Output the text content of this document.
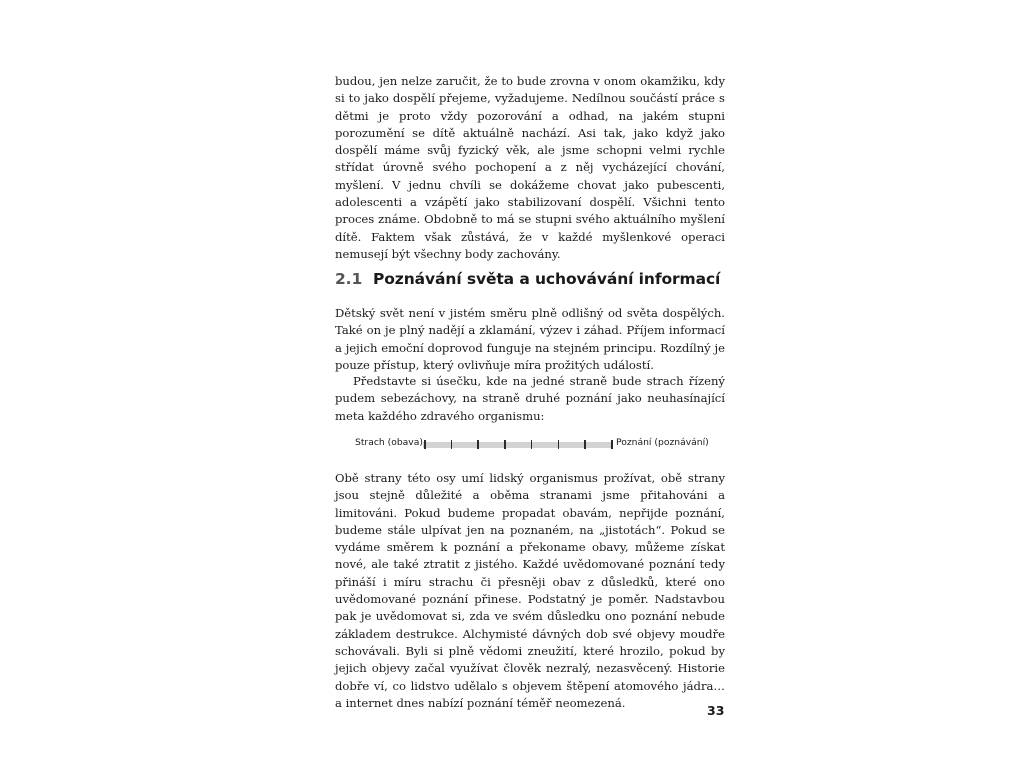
budou, jen nelze zaručit, že to bude zrovna v onom okamžiku, kdy si to jako dospělí přejeme, vyžadujeme. Nedílnou součástí práce s dětmi je proto vždy pozorování a odhad, na jakém stupni porozumění se dítě aktuálně nachází. Asi tak, jako když jako dospělí máme svůj fyzický věk, ale jsme schopni velmi rychle střídat úrovně svého pochopení a z něj vycházející chování, myšlení. V jednu chvíli se dokážeme chovat jako pubescenti, adolescenti a vzápětí jako stabilizovaní dospělí. Všichni tento proces známe. Obdobně to má se stupni svého aktuálního myšlení dítě. Faktem však zůstává, že v každé myšlenkové operaci nemusejí být všechny body zachovány.

2.1 Poznávání světa a uchovávání informací

Dětský svět není v jistém směru plně odlišný od světa dospělých. Také on je plný nadějí a zklamání, výzev i záhad. Příjem informací a jejich emoční doprovod funguje na stejném principu. Rozdílný je pouze přístup, který ovlivňuje míra prožitých událostí.

Představte si úsečku, kde na jedné straně bude strach řízený pudem sebezáchovy, na straně druhé poznání jako neuhasínající meta každého zdravého organismu:

Strach (obava)	Poznání (poznávání)

Obě strany této osy umí lidský organismus prožívat, obě strany jsou stejně důležité a oběma stranami jsme přitahováni a limitováni. Pokud budeme propadat obavám, nepřijde poznání, budeme stále ulpívat jen na poznaném, na „jistotách“. Pokud se vydáme směrem k poznání a překoname obavy, můžeme získat nové, ale také ztratit z jistého. Každé uvědomované poznání tedy přináší i míru strachu či přesněji obav z důsledků, které ono uvědomované poznání přinese. Podstatný je poměr. Nadstavbou pak je uvědomovat si, zda ve svém důsledku ono poznání nebude základem destrukce. Alchymisté dávných dob své objevy moudře schovávali. Byli si plně vědomi zneužití, které hrozilo, pokud by jejich objevy začal využívat člověk nezralý, nezasvěcený. Historie dobře ví, co lidstvo udělalo s objevem štěpení atomového jádra… a internet dnes nabízí poznání téměř neomezená.

33
